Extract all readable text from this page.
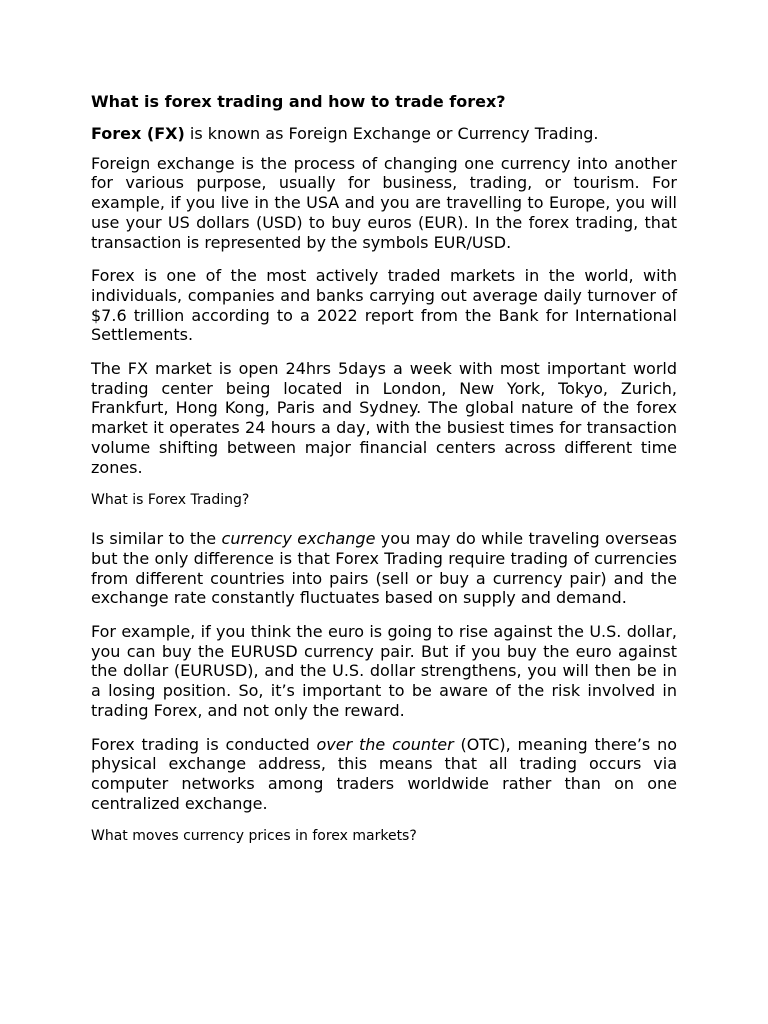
What is forex trading and how to trade forex?

Forex (FX) is known as Foreign Exchange or Currency Trading.

Foreign exchange is the process of changing one currency into another for various purpose, usually for business, trading, or tourism. For example, if you live in the USA and you are travelling to Europe, you will use your US dollars (USD) to buy euros (EUR). In the forex trading, that transaction is represented by the symbols EUR/USD.

Forex is one of the most actively traded markets in the world, with individuals, companies and banks carrying out average daily turnover of $7.6 trillion according to a 2022 report from the Bank for International Settlements.

The FX market is open 24hrs 5days a week with most important world trading center being located in London, New York, Tokyo, Zurich, Frankfurt, Hong Kong, Paris and Sydney. The global nature of the forex market it operates 24 hours a day, with the busiest times for transaction volume shifting between major financial centers across different time zones.

What is Forex Trading?

Is similar to the currency exchange you may do while traveling overseas but the only difference is that Forex Trading require trading of currencies from different countries into pairs (sell or buy a currency pair) and the exchange rate constantly fluctuates based on supply and demand.

For example, if you think the euro is going to rise against the U.S. dollar, you can buy the EURUSD currency pair. But if you buy the euro against the dollar (EURUSD), and the U.S. dollar strengthens, you will then be in a losing position. So, it’s important to be aware of the risk involved in trading Forex, and not only the reward.

Forex trading is conducted over the counter (OTC), meaning there’s no physical exchange address, this means that all trading occurs via computer networks among traders worldwide rather than on one centralized exchange.

What moves currency prices in forex markets?
